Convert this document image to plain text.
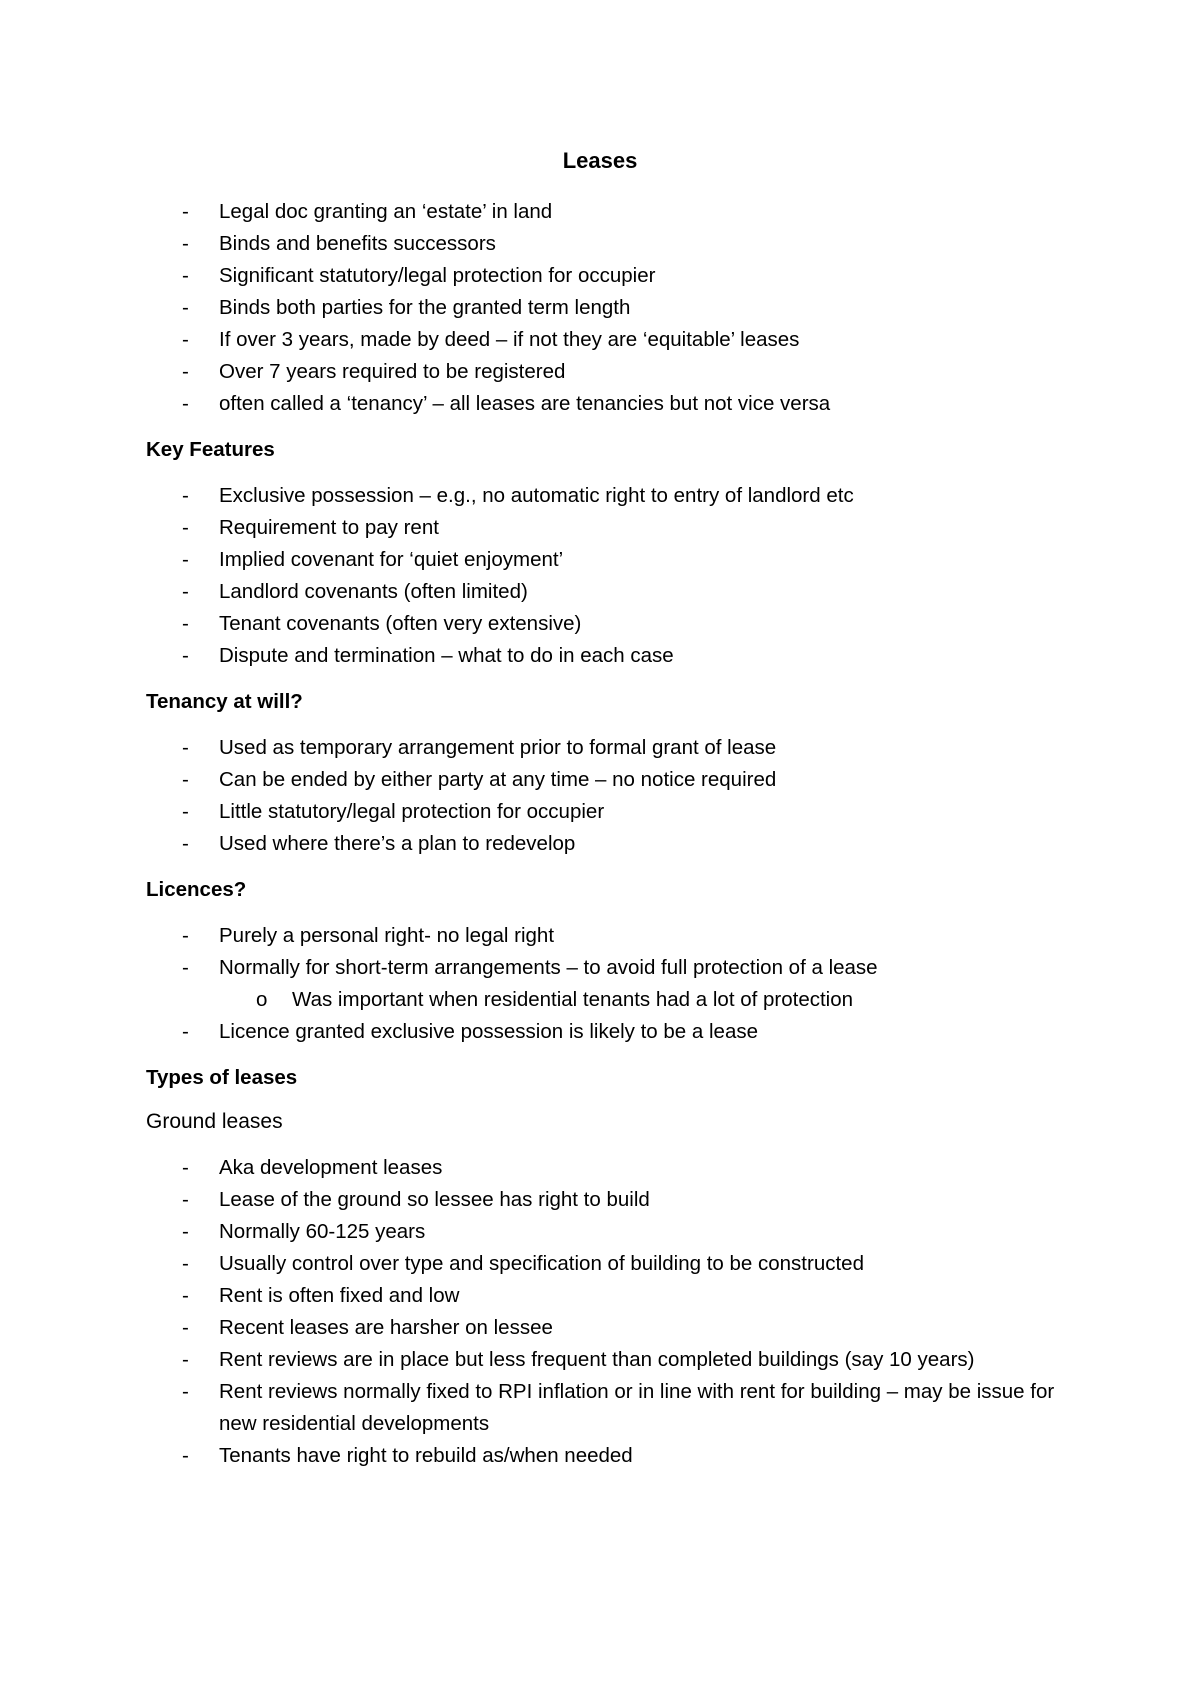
Leases
- Legal doc granting an ‘estate’ in land
- Binds and benefits successors
- Significant statutory/legal protection for occupier
- Binds both parties for the granted term length
- If over 3 years, made by deed – if not they are ‘equitable’ leases
- Over 7 years required to be registered
- often called a ‘tenancy’ – all leases are tenancies but not vice versa
Key Features
- Exclusive possession – e.g., no automatic right to entry of landlord etc
- Requirement to pay rent
- Implied covenant for ‘quiet enjoyment’
- Landlord covenants (often limited)
- Tenant covenants (often very extensive)
- Dispute and termination – what to do in each case
Tenancy at will?
- Used as temporary arrangement prior to formal grant of lease
- Can be ended by either party at any time – no notice required
- Little statutory/legal protection for occupier
- Used where there’s a plan to redevelop
Licences?
- Purely a personal right- no legal right
- Normally for short-term arrangements – to avoid full protection of a lease
o Was important when residential tenants had a lot of protection
- Licence granted exclusive possession is likely to be a lease
Types of leases
Ground leases
- Aka development leases
- Lease of the ground so lessee has right to build
- Normally 60-125 years
- Usually control over type and specification of building to be constructed
- Rent is often fixed and low
- Recent leases are harsher on lessee
- Rent reviews are in place but less frequent than completed buildings (say 10 years)
- Rent reviews normally fixed to RPI inflation or in line with rent for building – may be issue for new residential developments
- Tenants have right to rebuild as/when needed
